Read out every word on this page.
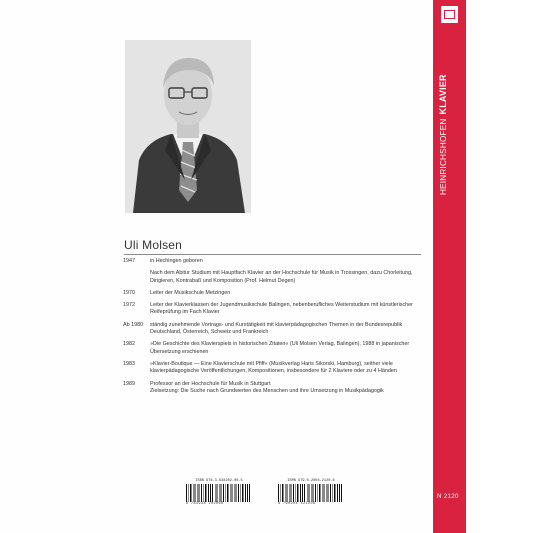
Uli Molsen
1947	in Hechingen geboren
Nach dem Abitur Studium mit Hauptfach Klavier an der Hochschule für Musik in Trossingen, dazu Chorleitung, Dirigieren, Kontrabaß und Komposition (Prof. Helmut Degen)
1970	Leiter der Musikschule Metzingen
1972	Leiter der Klavierklassen der Jugendmusikschule Balingen, nebenberufliches Weiterstudium mit künstlerischer Reifeprüfung im Fach Klavier
Ab 1980	ständig zunehmende Vortrags- und Kurstätigkeit mit klavierpädagogischen Themen in der Bundesrepublik Deutschland, Österreich, Schweiz und Frankreich
1982	»Die Geschichte des Klavierspiels in historischen Zitaten« (Uli Molsen Verlag, Balingen), 1988 in japanischer Übersetzung erschienen
1983	»Klavier-Boutique — Eine Klavierschule mit Pfiff« (Musikverlag Haris Sikorski, Hamburg), seither viele klavierpädagogische Veröffentlichungen, Kompositionen, insbesondere für 2 Klaviere oder zu 4 Händen
1989	Professor an der Hochschule für Musik in Stuttgart
Zielsetzung: Die Suche nach Grundwerten des Menschen und ihre Umsetzung in Musikpädagogik
ISBN 978-3-938202-06-5
9 783938 202066
ISMN 979-0-2004-2120-6
9 790204 421206
HEINRICHSHOFENKLAVIER
N 2120
